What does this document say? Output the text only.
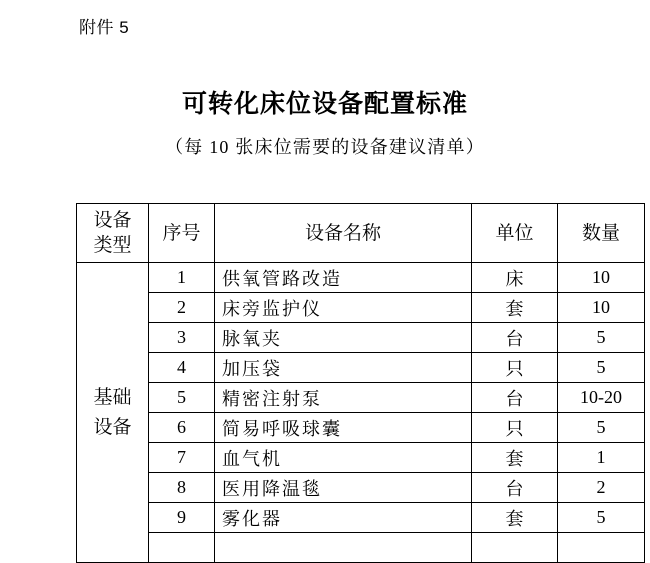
附件 5
可转化床位设备配置标准
（每 10 张床位需要的设备建议清单）
设备
类型	序号	设备名称	单位	数量

基础
设备	1	供氧管路改造	床	10
	2	床旁监护仪	套	10
	3	脉氧夹	台	5
	4	加压袋	只	5
	5	精密注射泵	台	10-20
	6	简易呼吸球囊	只	5
	7	血气机	套	1
	8	医用降温毯	台	2
	9	雾化器	套	5
